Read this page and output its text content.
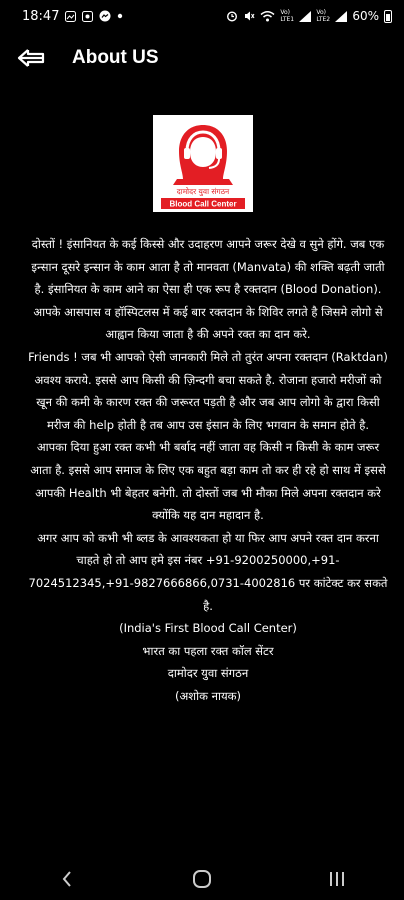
18:47	Vo) LTE1
Vo) LTE2 60%
About US
दामोदर युवा संगठन
Blood Call Center

दोस्तों ! इंसानियत के कई किस्से और उदाहरण आपने जरूर देखे व सुने होंगे. जब एक इन्सान दूसरे इन्सान के काम आता है तो मानवता (Manvata) की शक्ति बढ़ती जाती है. इंसानियत के काम आने का ऐसा ही एक रूप है रक्तदान (Blood Donation). आपके आसपास व हॉस्पिटलस में कई बार रक्तदान के शिविर लगते है जिसमे लोगो से आह्वान किया जाता है की अपने रक्त का दान करे.

Friends ! जब भी आपको ऐसी जानकारी मिले तो तुरंत अपना रक्तदान (Raktdan) अवश्य कराये. इससे आप किसी की ज़िन्दगी बचा सकते है. रोजाना हजारो मरीजों को खून की कमी के कारण रक्त की जरूरत पड़ती है और जब आप लोगो के द्वारा किसी मरीज की help होती है तब आप उस इंसान के लिए भगवान के समान होते है.

आपका दिया हुआ रक्त कभी भी बर्बाद नहीं जाता वह किसी न किसी के काम जरूर आता है. इससे आप समाज के लिए एक बहुत बड़ा काम तो कर ही रहे हो साथ में इससे आपकी Health भी बेहतर बनेगी. तो दोस्तों जब भी मौका मिले अपना रक्तदान करे क्योंकि यह दान महादान है.

अगर आप को कभी भी ब्लड के आवश्यकता हो या फिर आप अपने रक्त दान करना चाहते हो तो आप हमे इस नंबर +91-9200250000,+91-7024512345,+91-9827666866,0731-4002816 पर कांटेक्ट कर सकते है.

(India's First Blood Call Center)

भारत का पहला रक्त कॉल सेंटर

दामोदर युवा संगठन

(अशोक नायक)
